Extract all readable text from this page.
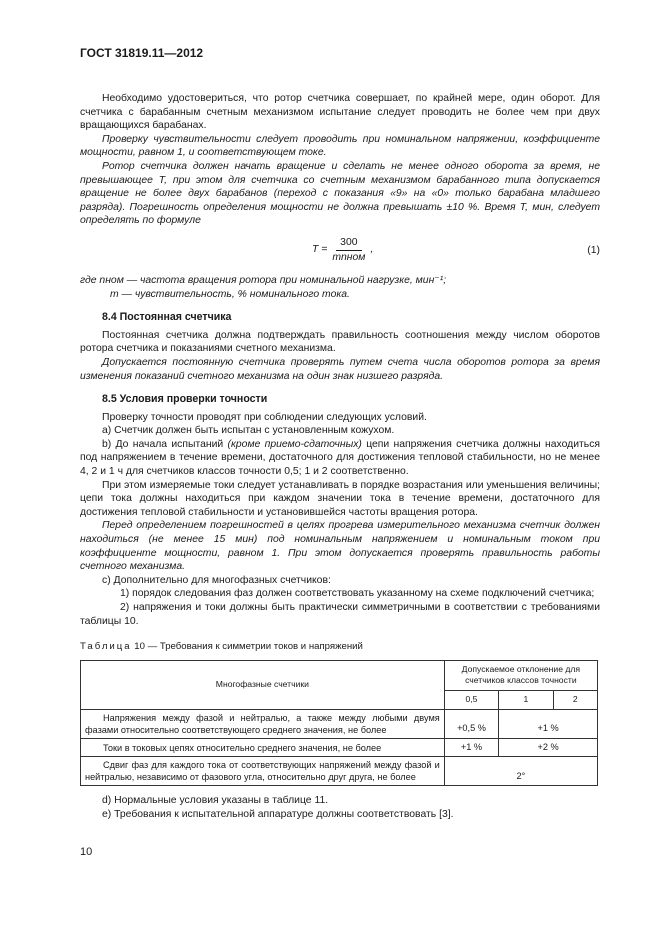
ГОСТ 31819.11—2012

Необходимо удостовериться, что ротор счетчика совершает, по крайней мере, один оборот. Для счетчика с барабанным счетным механизмом испытание следует проводить не более чем при двух вращающихся барабанах.

Проверку чувствительности следует проводить при номинальном напряжении, коэффициенте мощности, равном 1, и соответствующем токе.

Ротор счетчика должен начать вращение и сделать не менее одного оборота за время, не превышающее T, при этом для счетчика со счетным механизмом барабанного типа допускается вращение не более двух барабанов (переход с показания «9» на «0» только барабана младшего разряда). Погрешность определения мощности не должна превышать ±10 %. Время T, мин, следует определять по формуле

$T = \frac{300}{\text{mnном}}$ ,	(1)

где nном — частота вращения ротора при номинальной нагрузке, мин⁻¹;

m — чувствительность, % номинального тока.

8.4 Постоянная счетчика

Постоянная счетчика должна подтверждать правильность соотношения между числом оборотов ротора счетчика и показаниями счетного механизма.

Допускается постоянную счетчика проверять путем счета числа оборотов ротора за время изменения показаний счетного механизма на один знак низшего разряда.

8.5 Условия проверки точности

Проверку точности проводят при соблюдении следующих условий.

а) Счетчик должен быть испытан с установленным кожухом.

b) До начала испытаний (кроме приемо-сдаточных) цепи напряжения счетчика должны находиться под напряжением в течение времени, достаточного для достижения тепловой стабильности, но не менее 4, 2 и 1 ч для счетчиков классов точности 0,5; 1 и 2 соответственно.

При этом измеряемые токи следует устанавливать в порядке возрастания или уменьшения величины; цепи тока должны находиться при каждом значении тока в течение времени, достаточного для достижения тепловой стабильности и установившейся частоты вращения ротора.

Перед определением погрешностей в целях прогрева измерительного механизма счетчик должен находиться (не менее 15 мин) под номинальным напряжением и номинальным током при коэффициенте мощности, равном 1. При этом допускается проверять правильность работы счетного механизма.

с) Дополнительно для многофазных счетчиков:

1) порядок следования фаз должен соответствовать указанному на схеме подключений счетчика;

2) напряжения и токи должны быть практически симметричными в соответствии с требованиями таблицы 10.

Таблица 10 — Требования к симметрии токов и напряжений
Многофазные счетчики	Допускаемое отклонение для счетчиков классов точности		
	0,5	1	2
Напряжения между фазой и нейтралью, а также между любыми двумя фазами относительно соответствующего среднего значения, не более	+0,5 %	+1 %	
Токи в токовых цепях относительно среднего значения, не более	+1 %	+2 %	
Сдвиг фаз для каждого тока от соответствующих напряжений между фазой и нейтралью, независимо от фазового угла, относительно друг друга, не более	2°		

d) Нормальные условия указаны в таблице 11.

е) Требования к испытательной аппаратуре должны соответствовать [3].

10
